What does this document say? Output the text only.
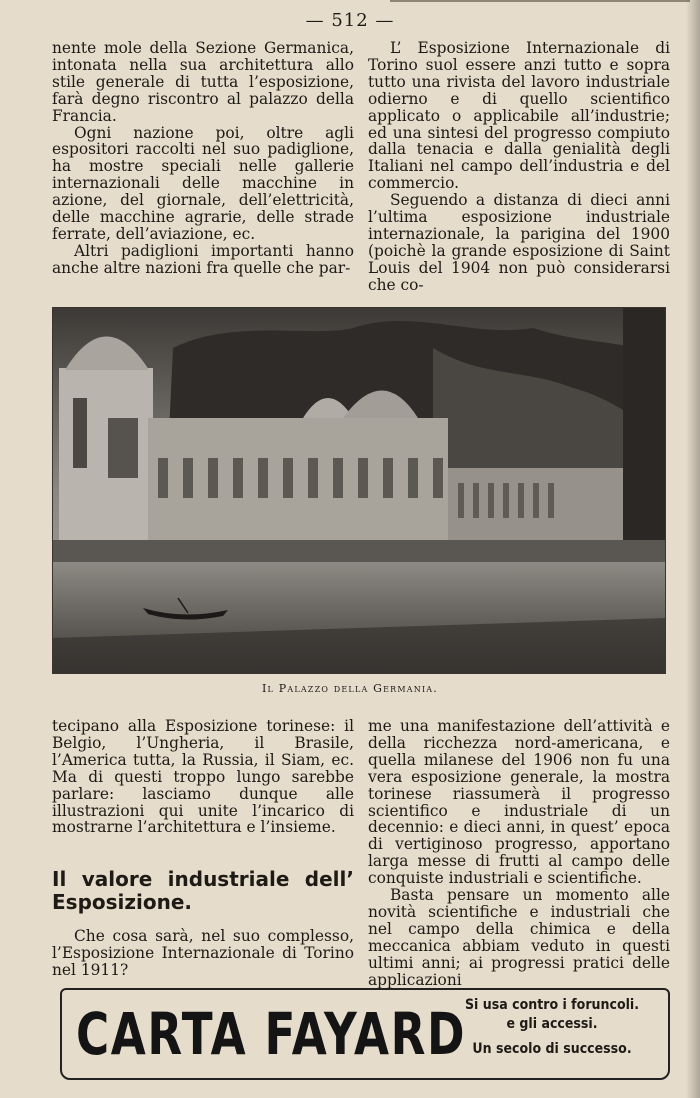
— 512 —

nente mole della Sezione Germanica, intonata nella sua architettura allo stile generale di tutta l’esposizione, farà degno riscontro al palazzo della Francia.

Ogni nazione poi, oltre agli espositori raccolti nel suo padiglione, ha mostre speciali nelle gallerie internazionali delle macchine in azione, del giornale, dell’elettricità, delle macchine agrarie, delle strade ferrate, dell’aviazione, ec.

Altri padiglioni importanti hanno anche altre nazioni fra quelle che par-

L’ Esposizione Internazionale di Torino suol essere anzi tutto e sopra tutto una rivista del lavoro industriale odierno e di quello scientifico applicato o applicabile all’industrie; ed una sintesi del progresso compiuto dalla tenacia e dalla genialità degli Italiani nel campo dell’industria e del commercio.

Seguendo a distanza di dieci anni l’ultima esposizione industriale internazionale, la parigina del 1900 (poichè la grande esposizione di Saint Louis del 1904 non può considerarsi che co-

Il Palazzo della Germania.

tecipano alla Esposizione torinese: il Belgio, l’Ungheria, il Brasile, l’America tutta, la Russia, il Siam, ec. Ma di questi troppo lungo sarebbe parlare: lasciamo dunque alle illustrazioni qui unite l’incarico di mostrarne l’architettura e l’insieme.

Il valore industriale dell’ Esposizione.

Che cosa sarà, nel suo complesso, l’Esposizione Internazionale di Torino nel 1911?

me una manifestazione dell’attività e della ricchezza nord-americana, e quella milanese del 1906 non fu una vera esposizione generale, la mostra torinese riassumerà il progresso scientifico e industriale di un decennio: e dieci anni, in quest’ epoca di vertiginoso progresso, apportano larga messe di frutti al campo delle conquiste industriali e scientifiche.

Basta pensare un momento alle novità scientifiche e industriali che nel campo della chimica e della meccanica abbiam veduto in questi ultimi anni; ai progressi pratici delle applicazioni

CARTA FAYARD
Si usa contro i foruncoli.
e gli accessi.
Un secolo di successo.
